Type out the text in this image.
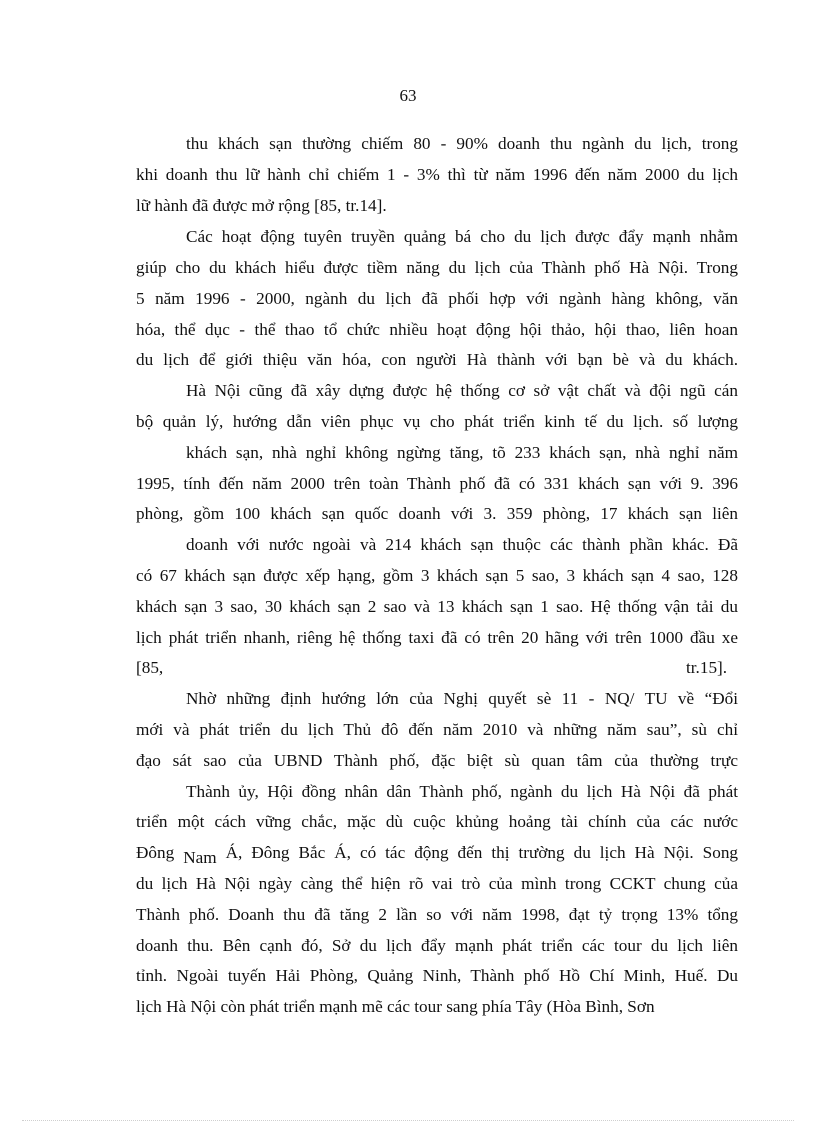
63
thu khách sạn thường chiếm 80 - 90% doanh thu ngành du lịch, trong
khi doanh thu lữ hành chỉ chiếm 1 - 3% thì từ năm 1996 đến năm 2000 du lịch
lữ hành đã được mở rộng [85, tr.14].
Các hoạt động tuyên truyền quảng bá cho du lịch được đẩy mạnh nhằm
giúp cho du khách hiểu được tiềm năng du lịch của Thành phố Hà Nội. Trong
5 năm 1996 - 2000, ngành du lịch đã phối hợp với ngành hàng không, văn
hóa, thể dục - thể thao tổ chức nhiều hoạt động hội thảo, hội thao, liên hoan
du lịch để giới thiệu văn hóa, con người Hà thành với bạn bè và du khách.
Hà Nội cũng đã xây dựng được hệ thống cơ sở vật chất và đội ngũ cán
bộ quản lý, hướng dẫn viên phục vụ cho phát triển kinh tế du lịch. số lượng
khách sạn, nhà nghỉ không ngừng tăng, tõ 233 khách sạn, nhà nghỉ năm
1995, tính đến năm 2000 trên toàn Thành phố đã có 331 khách sạn với 9. 396
phòng, gồm 100 khách sạn quốc doanh với 3. 359 phòng, 17 khách sạn liên
doanh với nước ngoài và 214 khách sạn thuộc các thành phần khác. Đã
có 67 khách sạn được xếp hạng, gồm 3 khách sạn 5 sao, 3 khách sạn 4 sao, 128
khách sạn 3 sao, 30 khách sạn 2 sao và 13 khách sạn 1 sao. Hệ thống vận tải du
lịch phát triển nhanh, riêng hệ thống taxi đã có trên 20 hãng với trên 1000 đầu xe
[85,	tr.15].
Nhờ những định hướng lớn của Nghị quyết sè 11 - NQ/ TU về “Đổi
mới và phát triển du lịch Thủ đô đến năm 2010 và những năm sau”, sù chỉ
đạo sát sao của UBND Thành phố, đặc biệt sù quan tâm của thường trực
Thành ủy, Hội đồng nhân dân Thành phố, ngành du lịch Hà Nội đã phát
triển một cách vững chắc, mặc dù cuộc khủng hoảng tài chính của các nước
Đông Nam Á, Đông Bắc Á, có tác động đến thị trường du lịch Hà Nội. Song
du lịch Hà Nội ngày càng thể hiện rõ vai trò của mình trong CCKT chung của
Thành phố. Doanh thu đã tăng 2 lần so với năm 1998, đạt tỷ trọng 13% tổng
doanh thu. Bên cạnh đó, Sở du lịch đẩy mạnh phát triển các tour du lịch liên
tỉnh. Ngoài tuyến Hải Phòng, Quảng Ninh, Thành phố Hồ Chí Minh, Huế. Du
lịch Hà Nội còn phát triển mạnh mẽ các tour sang phía Tây (Hòa Bình, Sơn
